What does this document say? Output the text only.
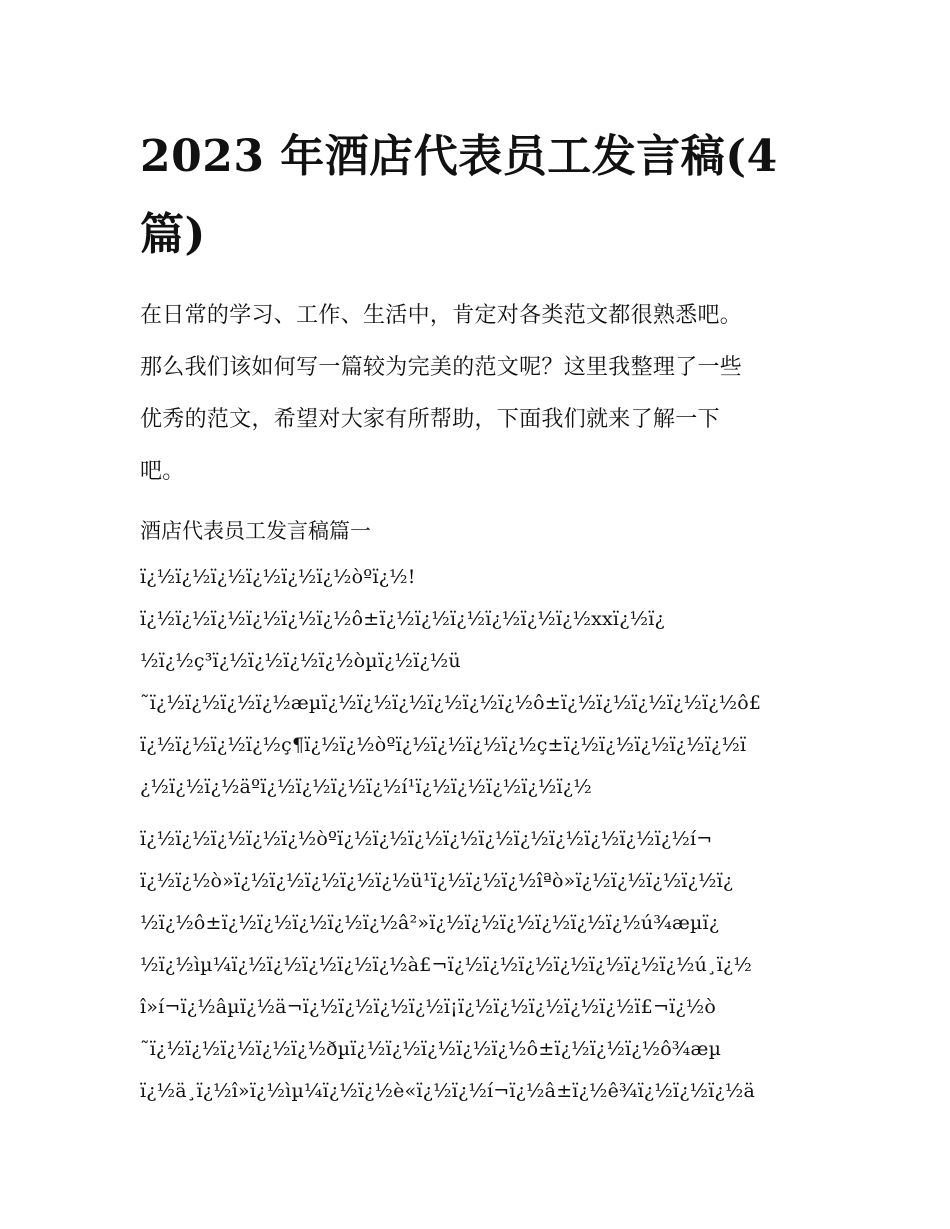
2023 年酒店代表员工发言稿(4
篇)
在日常的学习、工作、生活中，肯定对各类范文都很熟悉吧。
那么我们该如何写一篇较为完美的范文呢？这里我整理了一些
优秀的范文，希望对大家有所帮助，下面我们就来了解一下
吧。
酒店代表员工发言稿篇一

ï¿½ï¿½ï¿½ï¿½ï¿½ï¿½òºï¿½!

ï¿½ï¿½ï¿½ï¿½ï¿½ï¿½ô±ï¿½ï¿½ï¿½ï¿½ï¿½ï¿½xxï¿½ï¿

½ï¿½ç³ï¿½ï¿½ï¿½ï¿½òµï¿½ï¿½ü

˜ï¿½ï¿½ï¿½ï¿½æµï¿½ï¿½ï¿½ï¿½ï¿½ï¿½ô±ï¿½ï¿½ï¿½ï¿½ï¿½ô£

ï¿½ï¿½ï¿½ï¿½ç¶ï¿½ï¿½òºï¿½ï¿½ï¿½ï¿½ç±ï¿½ï¿½ï¿½ï¿½ï¿½ï

¿½ï¿½ï¿½äºï¿½ï¿½ï¿½ï¿½í¹ï¿½ï¿½ï¿½ï¿½ï¿½

ï¿½ï¿½ï¿½ï¿½ï¿½òºï¿½ï¿½ï¿½ï¿½ï¿½ï¿½ï¿½ï¿½ï¿½ï¿½í¬

ï¿½ï¿½ò»ï¿½ï¿½ï¿½ï¿½ï¿½ü¹ï¿½ï¿½ï¿½îªò»ï¿½ï¿½ï¿½ï¿½ï¿

½ï¿½ô±ï¿½ï¿½ï¿½ï¿½ï¿½â²»ï¿½ï¿½ï¿½ï¿½ï¿½ï¿½ú¾æµï¿

½ï¿½ìµ¼ï¿½ï¿½ï¿½ï¿½ï¿½à£¬ï¿½ï¿½ï¿½ï¿½ï¿½ï¿½ï¿½ú¸ï¿½

î»í¬ï¿½âµï¿½ä¬ï¿½ï¿½ï¿½ï¿½ï¡ï¿½ï¿½ï¿½ï¿½ï¿½ï£¬ï¿½ò

˜ï¿½ï¿½ï¿½ï¿½ï¿½ðµï¿½ï¿½ï¿½ï¿½ï¿½ô±ï¿½ï¿½ï¿½ô¾æµ

ï¿½ä¸ï¿½î»ï¿½ìµ¼ï¿½ï¿½è«ï¿½ï¿½í¬ï¿½â±ï¿½ê¾ï¿½ï¿½ï¿½ä
